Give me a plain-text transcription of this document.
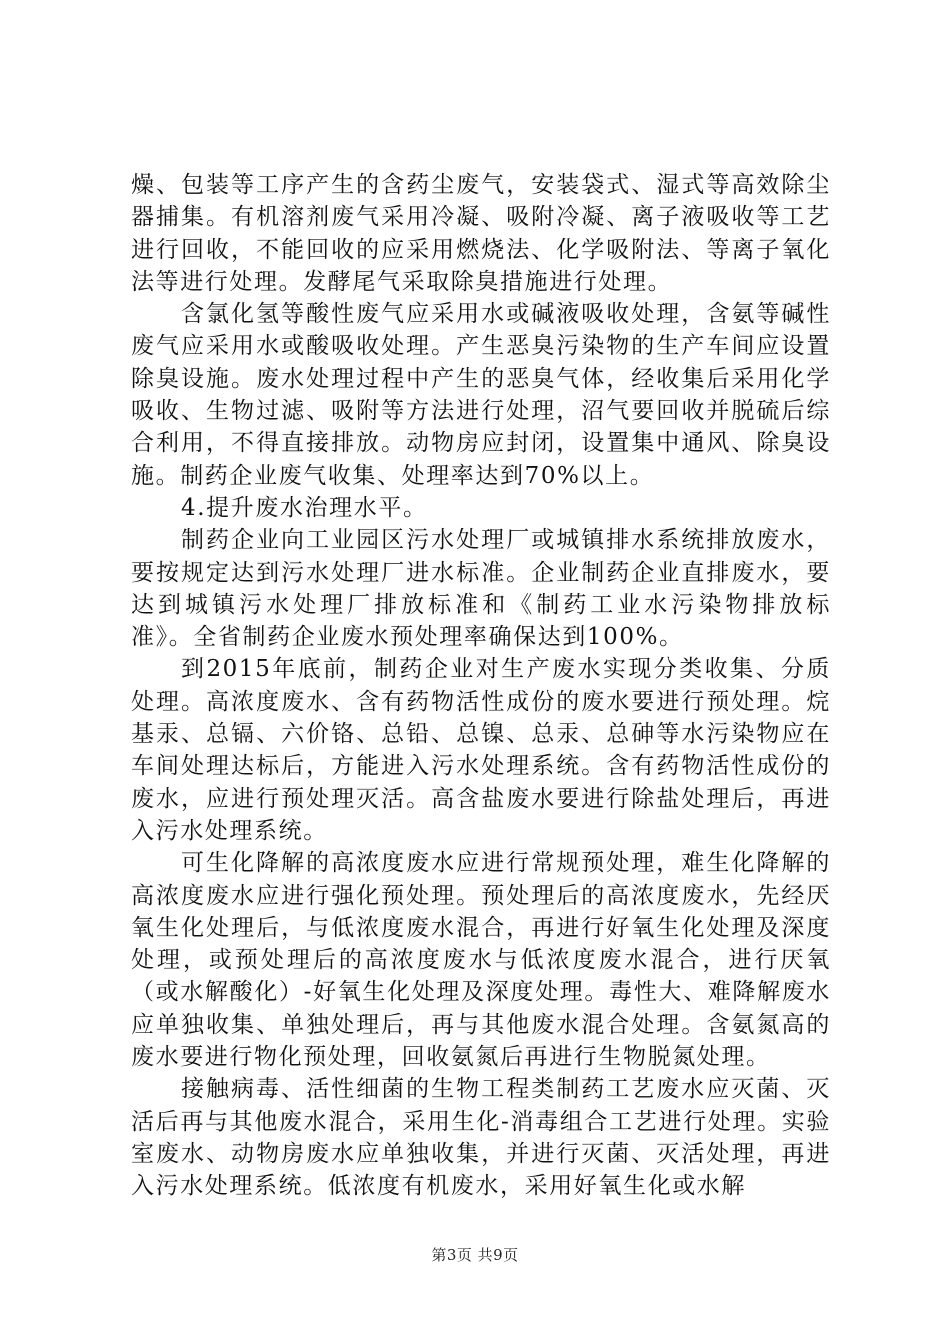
燥、包装等工序产生的含药尘废气，安装袋式、湿式等高效除尘器捕集。有机溶剂废气采用冷凝、吸附冷凝、离子液吸收等工艺进行回收，不能回收的应采用燃烧法、化学吸附法、等离子氧化法等进行处理。发酵尾气采取除臭措施进行处理。

含氯化氢等酸性废气应采用水或碱液吸收处理，含氨等碱性废气应采用水或酸吸收处理。产生恶臭污染物的生产车间应设置除臭设施。废水处理过程中产生的恶臭气体，经收集后采用化学吸收、生物过滤、吸附等方法进行处理，沼气要回收并脱硫后综合利用，不得直接排放。动物房应封闭，设置集中通风、除臭设施。制药企业废气收集、处理率达到70%以上。

4.提升废水治理水平。

制药企业向工业园区污水处理厂或城镇排水系统排放废水，要按规定达到污水处理厂进水标准。企业制药企业直排废水，要达到城镇污水处理厂排放标准和《制药工业水污染物排放标准》。全省制药企业废水预处理率确保达到100%。

到2015年底前，制药企业对生产废水实现分类收集、分质处理。高浓度废水、含有药物活性成份的废水要进行预处理。烷基汞、总镉、六价铬、总铅、总镍、总汞、总砷等水污染物应在车间处理达标后，方能进入污水处理系统。含有药物活性成份的废水，应进行预处理灭活。高含盐废水要进行除盐处理后，再进入污水处理系统。

可生化降解的高浓度废水应进行常规预处理，难生化降解的高浓度废水应进行强化预处理。预处理后的高浓度废水，先经厌氧生化处理后，与低浓度废水混合，再进行好氧生化处理及深度处理，或预处理后的高浓度废水与低浓度废水混合，进行厌氧（或水解酸化）-好氧生化处理及深度处理。毒性大、难降解废水应单独收集、单独处理后，再与其他废水混合处理。含氨氮高的废水要进行物化预处理，回收氨氮后再进行生物脱氮处理。

接触病毒、活性细菌的生物工程类制药工艺废水应灭菌、灭活后再与其他废水混合，采用生化-消毒组合工艺进行处理。实验室废水、动物房废水应单独收集，并进行灭菌、灭活处理，再进入污水处理系统。低浓度有机废水，采用好氧生化或水解

第3页 共9页
